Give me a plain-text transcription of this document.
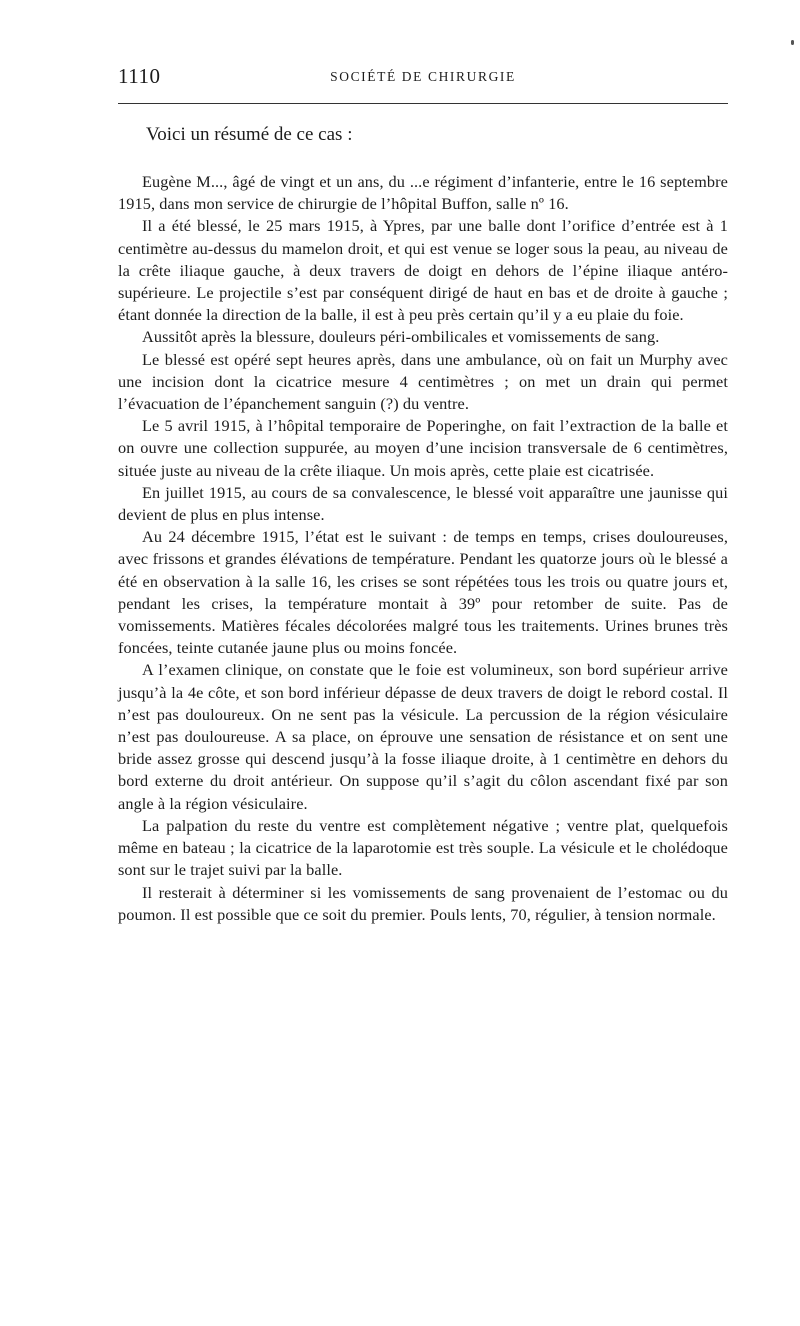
1110	SOCIÉTÉ DE CHIRURGIE
Voici un résumé de ce cas :

Eugène M..., âgé de vingt et un ans, du ...e régiment d’infanterie, entre le 16 septembre 1915, dans mon service de chirurgie de l’hôpital Buffon, salle nº 16.

Il a été blessé, le 25 mars 1915, à Ypres, par une balle dont l’orifice d’entrée est à 1 centimètre au-dessus du mamelon droit, et qui est venue se loger sous la peau, au niveau de la crête iliaque gauche, à deux travers de doigt en dehors de l’épine iliaque antéro-supérieure. Le projectile s’est par conséquent dirigé de haut en bas et de droite à gauche ; étant donnée la direction de la balle, il est à peu près certain qu’il y a eu plaie du foie.

Aussitôt après la blessure, douleurs péri-ombilicales et vomissements de sang.

Le blessé est opéré sept heures après, dans une ambulance, où on fait un Murphy avec une incision dont la cicatrice mesure 4 centimètres ; on met un drain qui permet l’évacuation de l’épanchement sanguin (?) du ventre.

Le 5 avril 1915, à l’hôpital temporaire de Poperinghe, on fait l’extraction de la balle et on ouvre une collection suppurée, au moyen d’une incision transversale de 6 centimètres, située juste au niveau de la crête iliaque. Un mois après, cette plaie est cicatrisée.

En juillet 1915, au cours de sa convalescence, le blessé voit apparaître une jaunisse qui devient de plus en plus intense.

Au 24 décembre 1915, l’état est le suivant : de temps en temps, crises douloureuses, avec frissons et grandes élévations de température. Pendant les quatorze jours où le blessé a été en observation à la salle 16, les crises se sont répétées tous les trois ou quatre jours et, pendant les crises, la température montait à 39º pour retomber de suite. Pas de vomissements. Matières fécales décolorées malgré tous les traitements. Urines brunes très foncées, teinte cutanée jaune plus ou moins foncée.

A l’examen clinique, on constate que le foie est volumineux, son bord supérieur arrive jusqu’à la 4e côte, et son bord inférieur dépasse de deux travers de doigt le rebord costal. Il n’est pas douloureux. On ne sent pas la vésicule. La percussion de la région vésiculaire n’est pas douloureuse. A sa place, on éprouve une sensation de résistance et on sent une bride assez grosse qui descend jusqu’à la fosse iliaque droite, à 1 centimètre en dehors du bord externe du droit antérieur. On suppose qu’il s’agit du côlon ascendant fixé par son angle à la région vésiculaire.

La palpation du reste du ventre est complètement négative ; ventre plat, quelquefois même en bateau ; la cicatrice de la laparotomie est très souple. La vésicule et le cholédoque sont sur le trajet suivi par la balle.

Il resterait à déterminer si les vomissements de sang provenaient de l’estomac ou du poumon. Il est possible que ce soit du premier. Pouls lents, 70, régulier, à tension normale.
